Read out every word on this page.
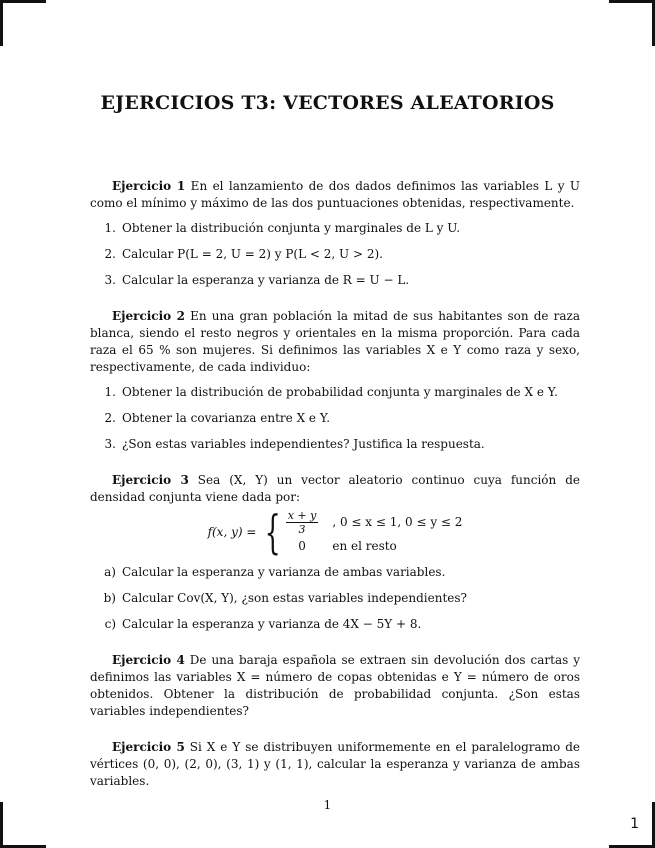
EJERCICIOS T3: VECTORES ALEATORIOS

Ejercicio 1 En el lanzamiento de dos dados definimos las variables L y U como el mínimo y máximo de las dos puntuaciones obtenidas, respectivamente.

1. Obtener la distribución conjunta y marginales de L y U.
2. Calcular P(L = 2, U = 2) y P(L < 2, U > 2).
3. Calcular la esperanza y varianza de R = U − L.

Ejercicio 2 En una gran población la mitad de sus habitantes son de raza blanca, siendo el resto negros y orientales en la misma proporción. Para cada raza el 65 % son mujeres. Si definimos las variables X e Y como raza y sexo, respectivamente, de cada individuo:

1. Obtener la distribución de probabilidad conjunta y marginales de X e Y.
2. Obtener la covarianza entre X e Y.
3. ¿Son estas variables independientes? Justifica la respuesta.

Ejercicio 3 Sea (X, Y) un vector aleatorio continuo cuya función de densidad conjunta viene dada por:

f(x, y) = { $\frac{x + y}{3}$ , 0 ≤ x ≤ 1, 0 ≤ y ≤ 2
0	en el resto
a) Calcular la esperanza y varianza de ambas variables.
b) Calcular Cov(X, Y), ¿son estas variables independientes?
c) Calcular la esperanza y varianza de 4X − 5Y + 8.

Ejercicio 4 De una baraja española se extraen sin devolución dos cartas y definimos las variables X = número de copas obtenidas e Y = número de oros obtenidos. Obtener la distribución de probabilidad conjunta. ¿Son estas variables independientes?

Ejercicio 5 Si X e Y se distribuyen uniformemente en el paralelogramo de vértices (0, 0), (2, 0), (3, 1) y (1, 1), calcular la esperanza y varianza de ambas variables.

1
1
